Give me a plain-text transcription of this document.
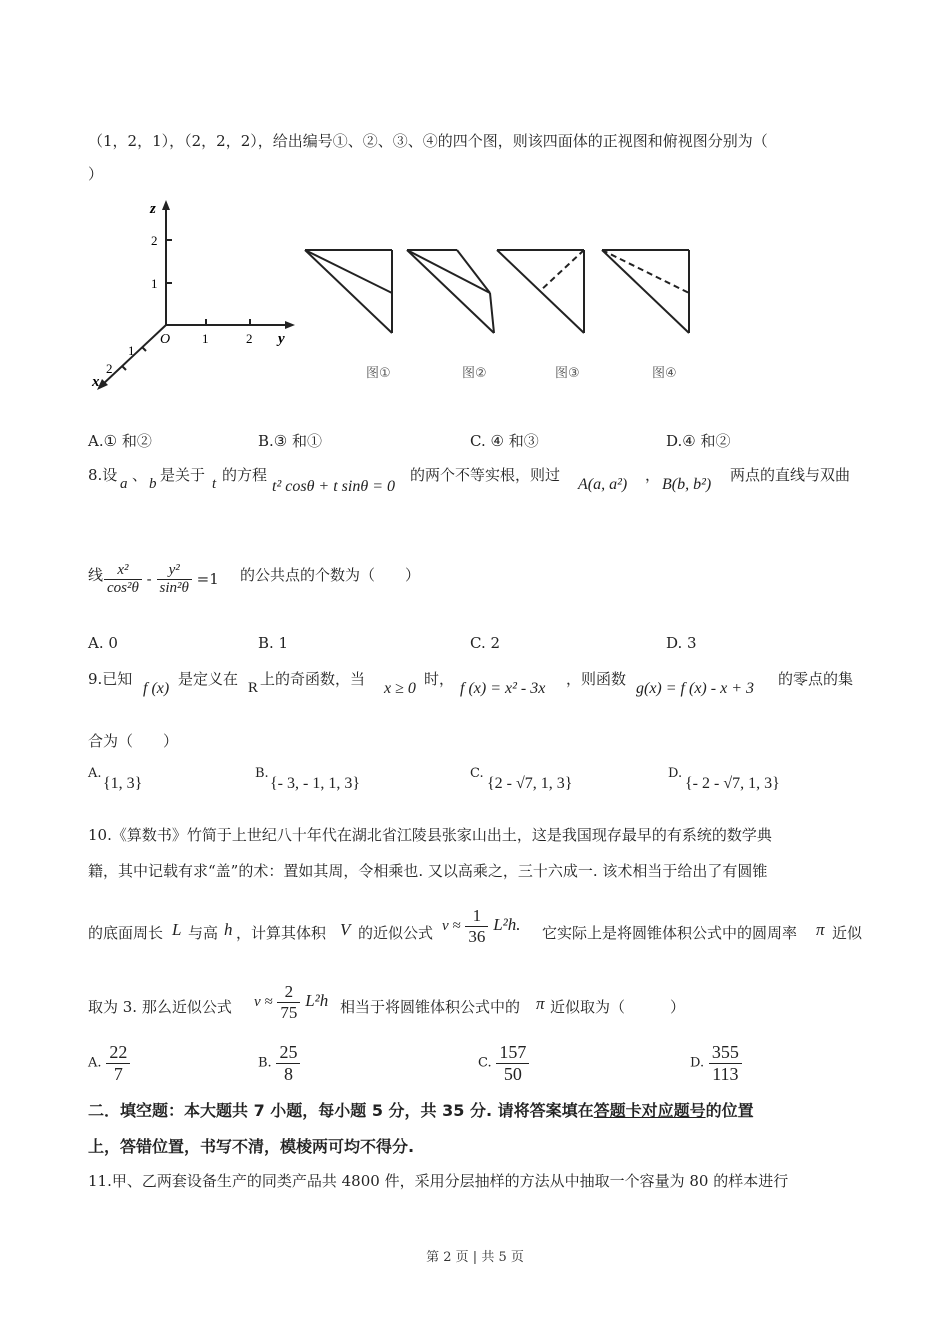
（1，2，1），（2，2，2），给出编号①、②、③、④的四个图，则该四面体的正视图和俯视图分别为（
）
z
2
1
O 1	2 y
1
2
x
图①	图②	图③	图④
A.① 和②	B.③ 和①	C. ④ 和③	D.④ 和②
8.设 a 、 b 是关于 t 的方程
t² cosθ + t sinθ = 0
的两个不等实根，则过
A(a, a²)
，
B(b, b²)
两点的直线与双曲
线 $\frac{\text{x²}}{\text{cos²θ}} - \frac{\text{y²}}{\text{sin²θ}} =1$ 的公共点的个数为（　　）
A. 0	B. 1	C. 2	D. 3
9.已知
f (x)
是定义在 R 上的奇函数，当
x ≥ 0
时，
f (x) = x² - 3x
，则函数
g(x) = f (x) - x + 3
的零点的集
合为（　　）
A.
{1, 3}
B.
{- 3, - 1, 1, 3}
C.
{2 - √7, 1, 3}
D.
{- 2 - √7, 1, 3}
10.《算数书》竹简于上世纪八十年代在湖北省江陵县张家山出土，这是我国现存最早的有系统的数学典
籍，其中记载有求“盖”的术：置如其周，令相乘也. 又以高乘之，三十六成一. 该术相当于给出了有圆锥
的底面周长 L 与高 h ，计算其体积 V 的近似公式 $v \approx \frac{1}{36} L^2h$. 它实际上是将圆锥体积公式中的圆周率 π 近似
取为 3. 那么近似公式 $v \approx \frac{2}{75} L^2h$ 相当于将圆锥体积公式中的 π 近似取为（　　　）
A. $\frac{22}{7}$	B. $\frac{25}{8}$	C. $\frac{157}{50}$	D. $\frac{355}{113}$
二．填空题：本大题共 7 小题，每小题 5 分，共 35 分. 请将答案填在答题卡对应题号的位置
上，答错位置，书写不清，模棱两可均不得分.
11.甲、乙两套设备生产的同类产品共 4800 件，采用分层抽样的方法从中抽取一个容量为 80 的样本进行
第 2 页 | 共 5 页
